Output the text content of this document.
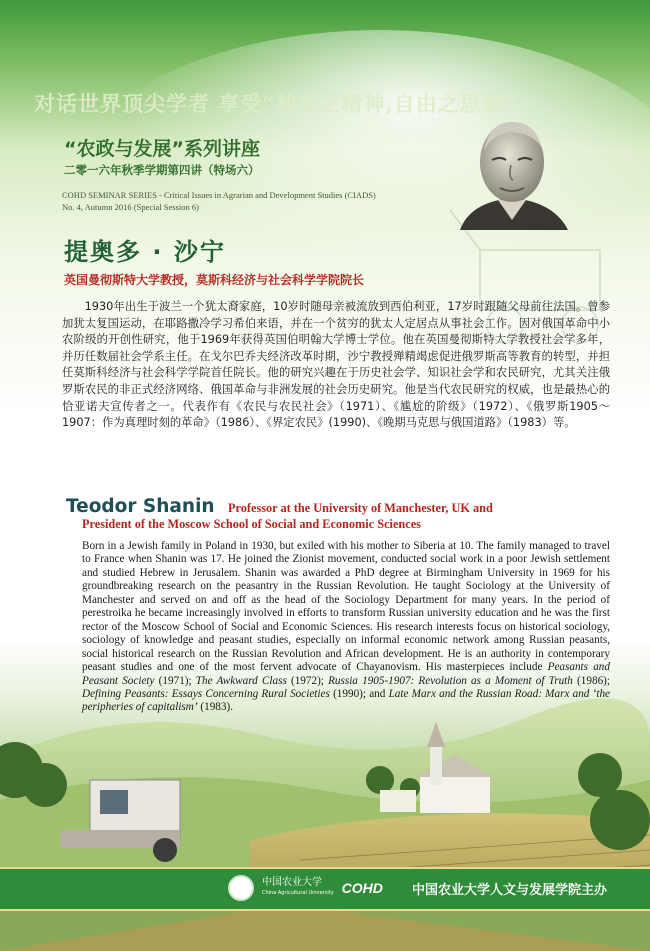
对话世界顶尖学者 享受“独立之精神,自由之思想”
“农政与发展”系列讲座
二零一六年秋季学期第四讲（特场六）
COHD SEMINAR SERIES - Critical Issues in Agrarian and Development Studies (CIADS)
No. 4, Autumn 2016 (Special Session 6)
提奥多 · 沙宁
英国曼彻斯特大学教授，莫斯科经济与社会科学学院院长

1930年出生于波兰一个犹太裔家庭，10岁时随母亲被流放到西伯利亚，17岁时跟随父母前往法国。曾参加犹太复国运动，在耶路撒冷学习希伯来语，并在一个贫穷的犹太人定居点从事社会工作。因对俄国革命中小农阶级的开创性研究，他于1969年获得英国伯明翰大学博士学位。他在英国曼彻斯特大学教授社会学多年，并历任数届社会学系主任。在戈尔巴乔夫经济改革时期，沙宁教授殚精竭虑促进俄罗斯高等教育的转型，并担任莫斯科经济与社会科学学院首任院长。他的研究兴趣在于历史社会学、知识社会学和农民研究，尤其关注俄罗斯农民的非正式经济网络、俄国革命与非洲发展的社会历史研究。他是当代农民研究的权威，也是最热心的恰亚诺夫宣传者之一。代表作有《农民与农民社会》（1971）、《尴尬的阶级》（1972）、《俄罗斯1905～1907：作为真理时刻的革命》（1986）、《界定农民》(1990)、《晚期马克思与俄国道路》（1983）等。

Teodor Shanin Professor at the University of Manchester, UK and
President of the Moscow School of Social and Economic Sciences

Born in a Jewish family in Poland in 1930, but exiled with his mother to Siberia at 10. The family managed to travel to France when Shanin was 17. He joined the Zionist movement, conducted social work in a poor Jewish settlement and studied Hebrew in Jerusalem. Shanin was awarded a PhD degree at Birmingham University in 1969 for his groundbreaking research on the peasantry in the Russian Revolution. He taught Sociology at the University of Manchester and served on and off as the head of the Sociology Department for many years. In the period of perestroika he became increasingly involved in efforts to transform Russian university education and he was the first rector of the Moscow School of Social and Economic Sciences. His research interests focus on historical sociology, sociology of knowledge and peasant studies, especially on informal economic network among Russian peasants, social historical research on the Russian Revolution and African development. He is an authority in contemporary peasant studies and one of the most fervent advocate of Chayanovism. His masterpieces include Peasants and Peasant Society (1971); The Awkward Class (1972); Russia 1905-1907: Revolution as a Moment of Truth (1986); Defining Peasants: Essays Concerning Rural Societies (1990); and Late Marx and the Russian Road: Marx and ‘the peripheries of capitalism’ (1983).

中国农业大学
China Agricultural University COHD 中国农业大学人文与发展学院主办
